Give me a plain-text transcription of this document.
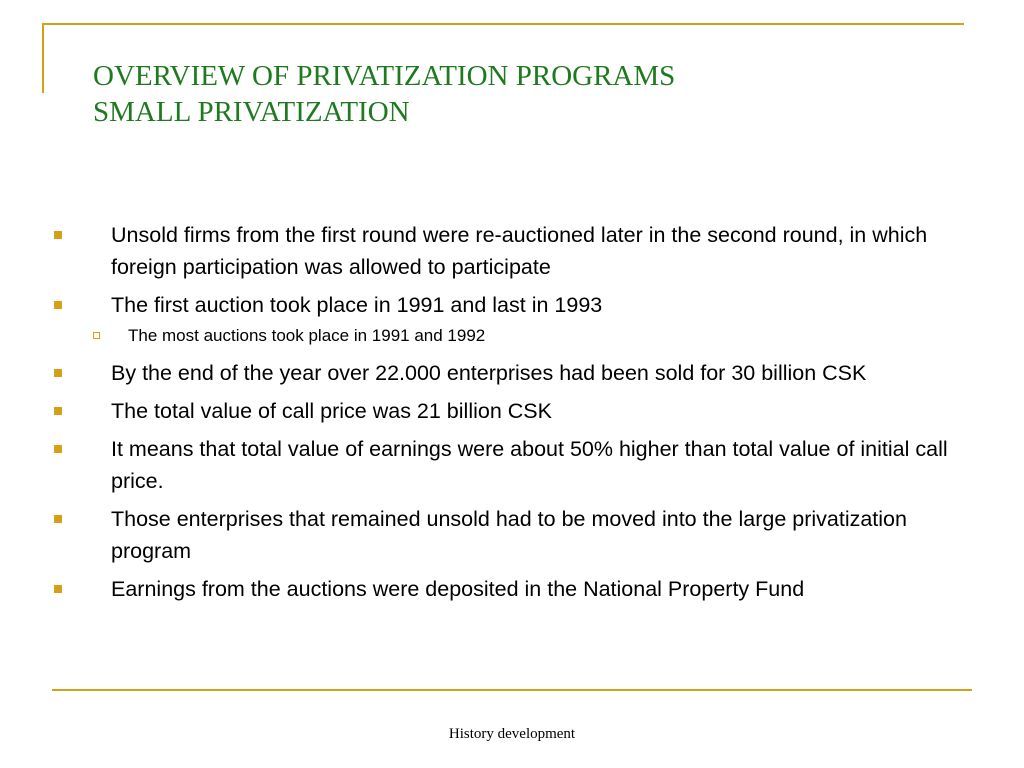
OVERVIEW OF PRIVATIZATION PROGRAMS
SMALL PRIVATIZATION
Unsold firms from the first round were re-auctioned later in the second round, in which foreign participation was allowed to participate
The first auction took place in 1991 and last in 1993
The most auctions took place in 1991 and 1992
By the end of the year over 22.000 enterprises had been sold for 30 billion CSK
The total value of call price was 21 billion CSK
It means that total value of earnings were about 50% higher than total value of initial call price.
Those enterprises that remained unsold had to be moved into the large privatization program
Earnings from the auctions were deposited in the National Property Fund
History development
